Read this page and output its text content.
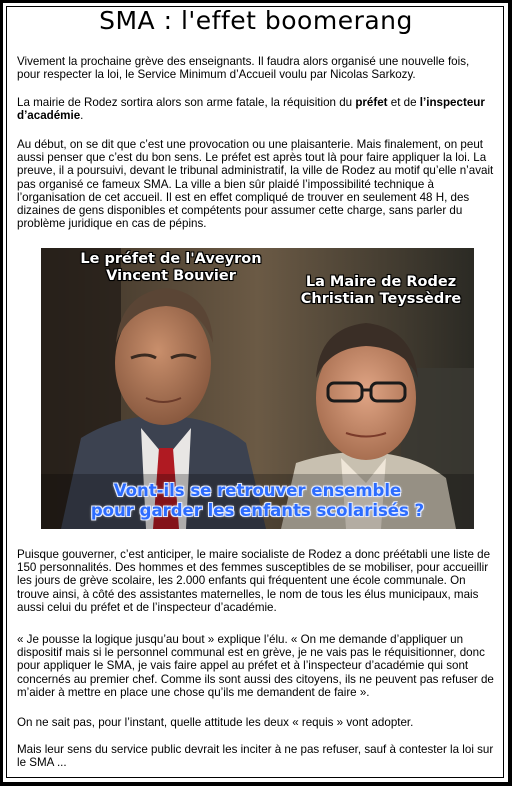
SMA : l'effet boomerang

Vivement la prochaine grève des enseignants. Il faudra alors organisé une nouvelle fois, pour respecter la loi, le Service Minimum d’Accueil voulu par Nicolas Sarkozy.

La mairie de Rodez sortira alors son arme fatale, la réquisition du préfet et de l’inspecteur d’académie.

Au début, on se dit que c’est une provocation ou une plaisanterie. Mais finalement, on peut aussi penser que c’est du bon sens. Le préfet est après tout là pour faire appliquer la loi. La preuve, il a poursuivi, devant le tribunal administratif, la ville de Rodez au motif qu’elle n’avait pas organisé ce fameux SMA. La ville a bien sûr plaidé l’impossibilité technique à l’organisation de cet accueil. Il est en effet compliqué de trouver en seulement 48 H, des dizaines de gens disponibles et compétents pour assumer cette charge, sans parler du problème juridique en cas de pépins.

Le préfet de l'Aveyron
Vincent Bouvier	La Maire de Rodez
Christian Teyssèdre
Vont-ils se retrouver ensemble
pour garder les enfants scolarisés ?

Puisque gouverner, c’est anticiper, le maire socialiste de Rodez a donc préétabli une liste de 150 personnalités. Des hommes et des femmes susceptibles de se mobiliser, pour accueillir les jours de grève scolaire, les 2.000 enfants qui fréquentent une école communale. On trouve ainsi, à côté des assistantes maternelles, le nom de tous les élus municipaux, mais aussi celui du préfet et de l’inspecteur d’académie.

« Je pousse la logique jusqu’au bout » explique l’élu. « On me demande d’appliquer un dispositif mais si le personnel communal est en grève, je ne vais pas le réquisitionner, donc pour appliquer le SMA, je vais faire appel au préfet et à l’inspecteur d’académie qui sont concernés au premier chef. Comme ils sont aussi des citoyens, ils ne peuvent pas refuser de m’aider à mettre en place une chose qu’ils me demandent de faire ».

On ne sait pas, pour l’instant, quelle attitude les deux « requis » vont adopter.

Mais leur sens du service public devrait les inciter à ne pas refuser, sauf à contester la loi sur le SMA ...
